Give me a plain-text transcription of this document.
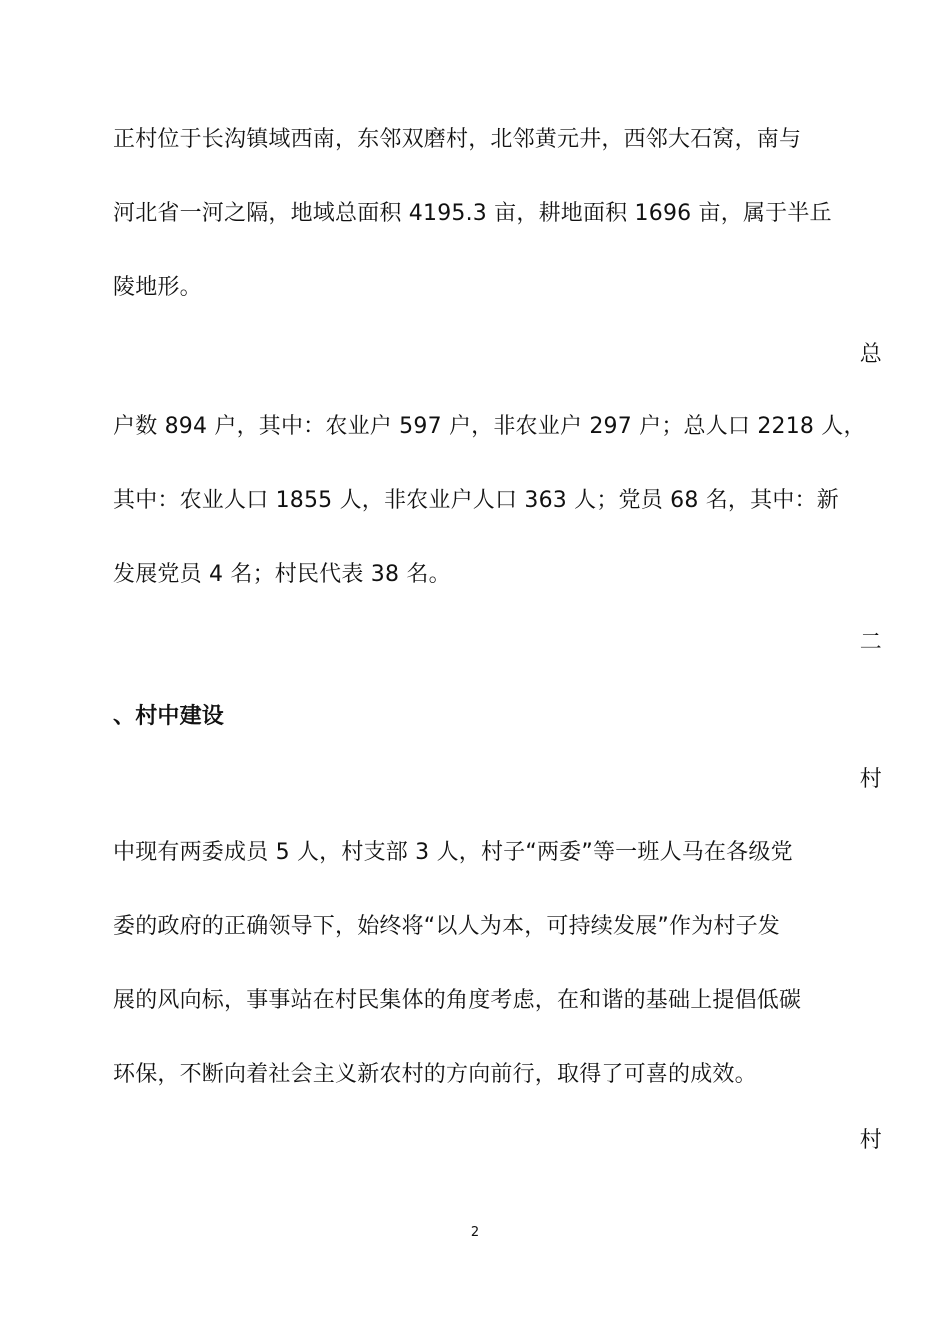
正村位于长沟镇域西南，东邻双磨村，北邻黄元井，西邻大石窝，南与
河北省一河之隔，地域总面积 4195.3 亩，耕地面积 1696 亩，属于半丘
陵地形。
总
户数 894 户，其中：农业户 597 户，非农业户 297 户；总人口 2218 人，
其中：农业人口 1855 人，非农业户人口 363 人；党员 68 名，其中：新
发展党员 4 名；村民代表 38 名。
二
、村中建设
村
中现有两委成员 5 人，村支部 3 人，村子“两委”等一班人马在各级党
委的政府的正确领导下，始终将“以人为本，可持续发展”作为村子发
展的风向标，事事站在村民集体的角度考虑，在和谐的基础上提倡低碳
环保，不断向着社会主义新农村的方向前行，取得了可喜的成效。
村
2
